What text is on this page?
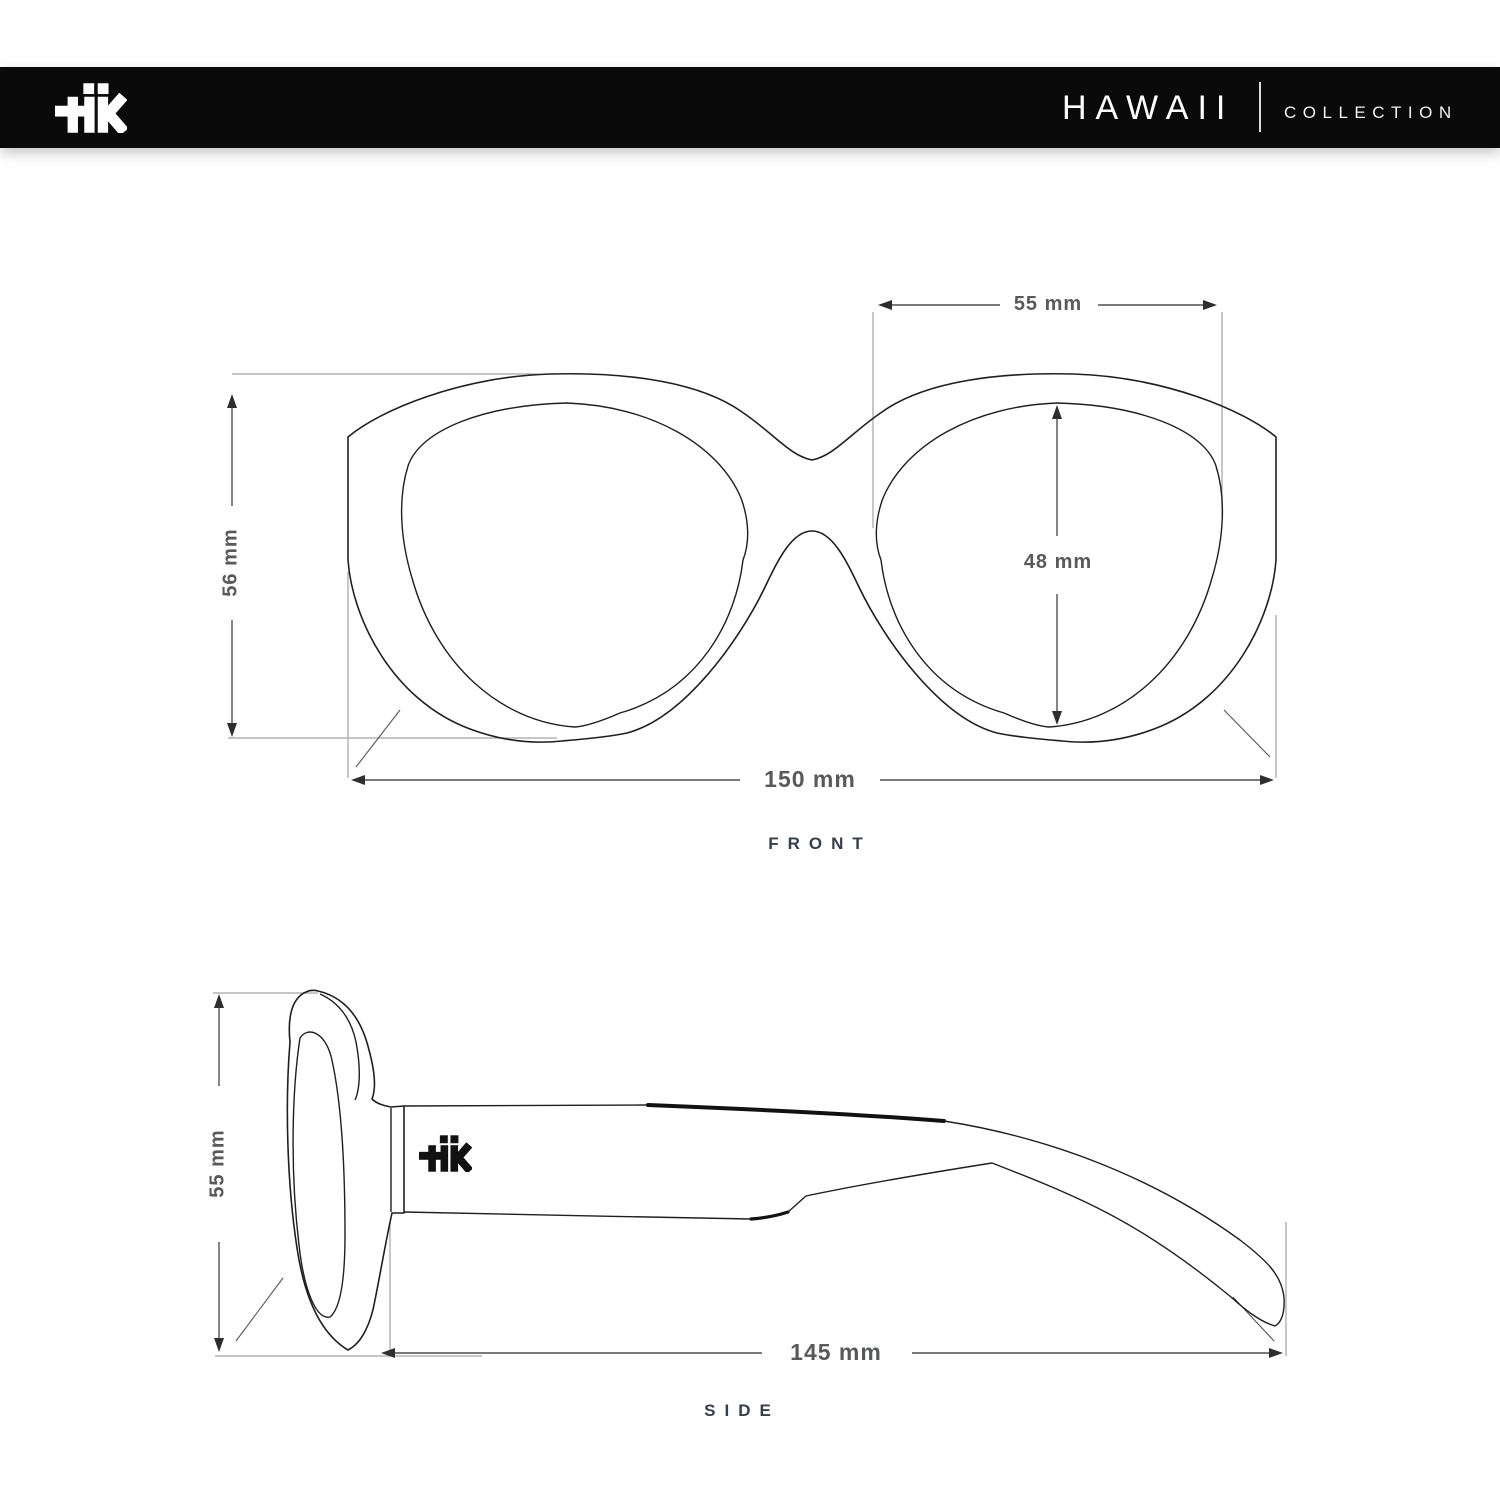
HAWAII	COLLECTION
55 mm
56 mm	48 mm
150 mm
FRONT
55 mm
145 mm
SIDE
